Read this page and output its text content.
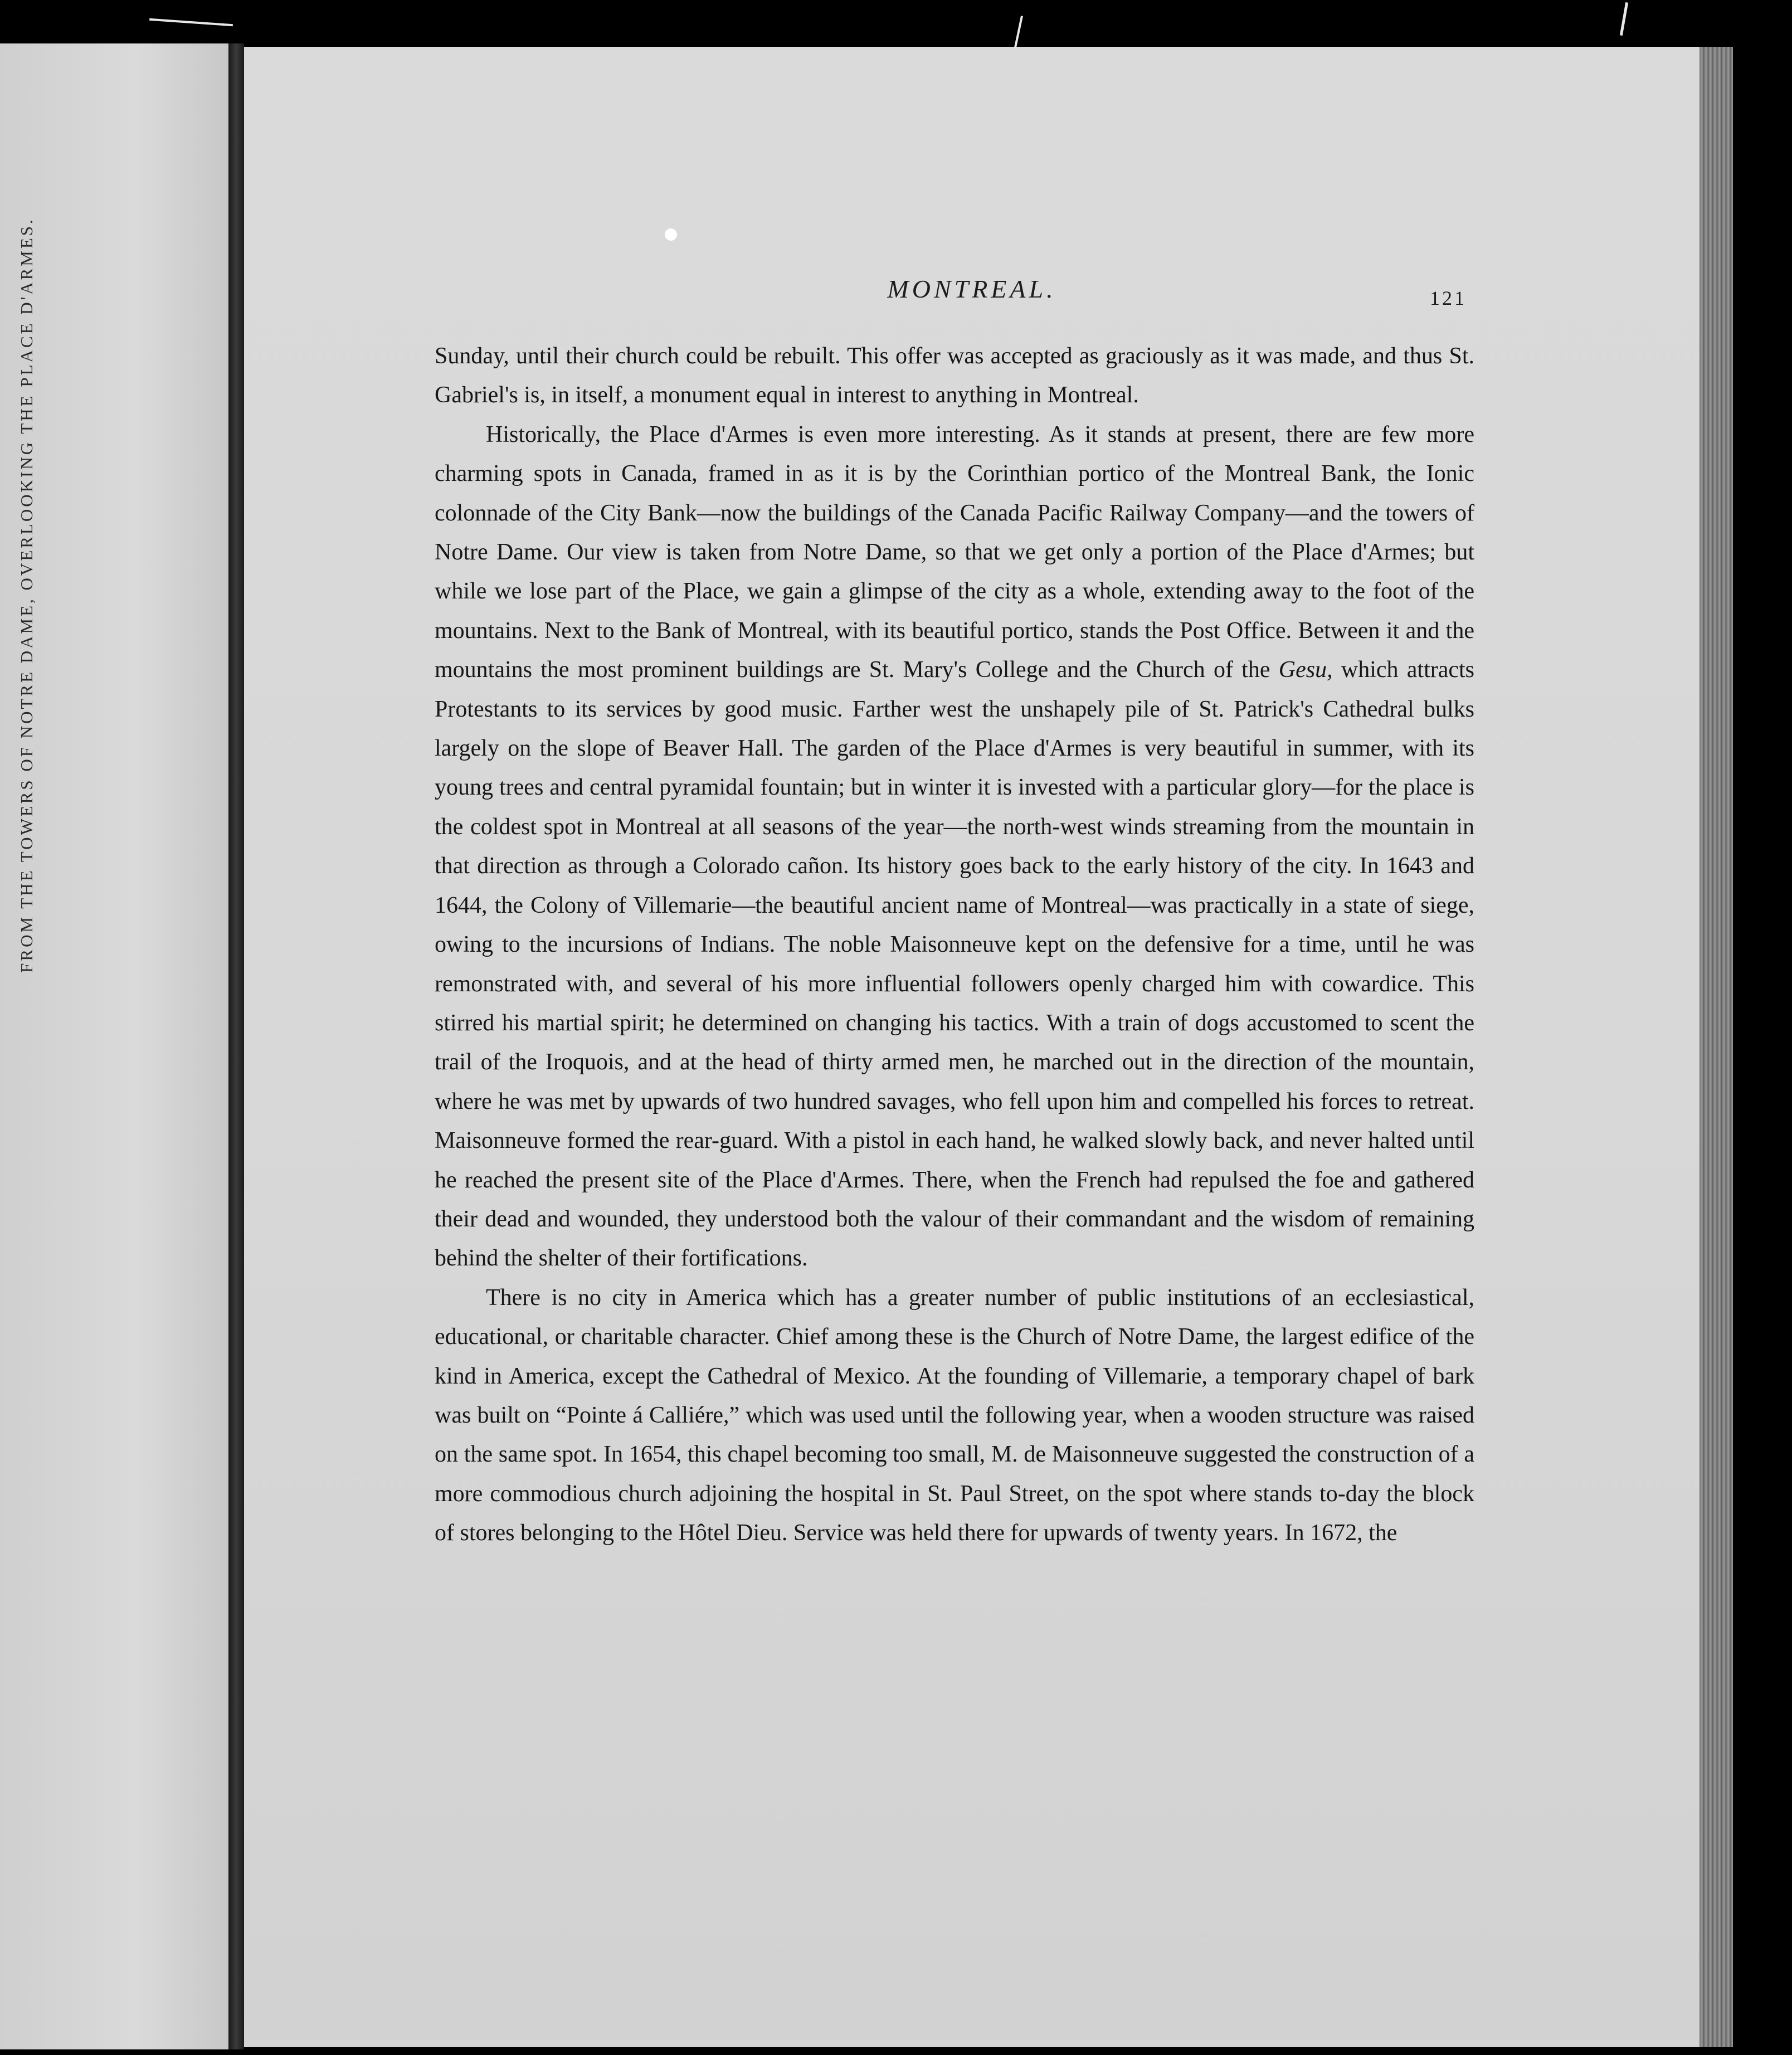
FROM THE TOWERS OF NOTRE DAME, OVERLOOKING THE PLACE D'ARMES.	MONTREAL.	121

Sunday, until their church could be rebuilt. This offer was accepted as graciously as it was made, and thus St. Gabriel's is, in itself, a monument equal in interest to anything in Montreal.

Historically, the Place d'Armes is even more interesting. As it stands at present, there are few more charming spots in Canada, framed in as it is by the Corinthian portico of the Montreal Bank, the Ionic colonnade of the City Bank—now the buildings of the Canada Pacific Railway Company—and the towers of Notre Dame. Our view is taken from Notre Dame, so that we get only a portion of the Place d'Armes; but while we lose part of the Place, we gain a glimpse of the city as a whole, extending away to the foot of the mountains. Next to the Bank of Montreal, with its beautiful portico, stands the Post Office. Between it and the mountains the most prominent buildings are St. Mary's College and the Church of the Gesu, which attracts Protestants to its services by good music. Farther west the unshapely pile of St. Patrick's Cathedral bulks largely on the slope of Beaver Hall. The garden of the Place d'Armes is very beautiful in summer, with its young trees and central pyramidal fountain; but in winter it is invested with a particular glory—for the place is the coldest spot in Montreal at all seasons of the year—the north-west winds streaming from the mountain in that direction as through a Colorado cañon. Its history goes back to the early history of the city. In 1643 and 1644, the Colony of Villemarie—the beautiful ancient name of Montreal—was practically in a state of siege, owing to the incursions of Indians. The noble Maisonneuve kept on the defensive for a time, until he was remonstrated with, and several of his more influential followers openly charged him with cowardice. This stirred his martial spirit; he determined on changing his tactics. With a train of dogs accustomed to scent the trail of the Iroquois, and at the head of thirty armed men, he marched out in the direction of the mountain, where he was met by upwards of two hundred savages, who fell upon him and compelled his forces to retreat. Maisonneuve formed the rear-guard. With a pistol in each hand, he walked slowly back, and never halted until he reached the present site of the Place d'Armes. There, when the French had repulsed the foe and gathered their dead and wounded, they understood both the valour of their commandant and the wisdom of remaining behind the shelter of their fortifications.

There is no city in America which has a greater number of public institutions of an ecclesiastical, educational, or charitable character. Chief among these is the Church of Notre Dame, the largest edifice of the kind in America, except the Cathedral of Mexico. At the founding of Villemarie, a temporary chapel of bark was built on “Pointe á Calliére,” which was used until the following year, when a wooden structure was raised on the same spot. In 1654, this chapel becoming too small, M. de Maisonneuve suggested the construction of a more commodious church adjoining the hospital in St. Paul Street, on the spot where stands to-day the block of stores belonging to the Hôtel Dieu. Service was held there for upwards of twenty years. In 1672, the
